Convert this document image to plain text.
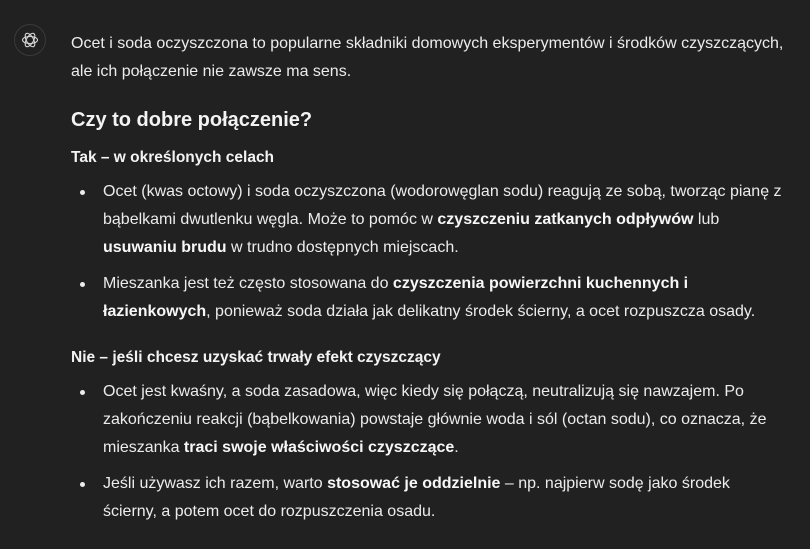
Ocet i soda oczyszczona to popularne składniki domowych eksperymentów i środków czyszczących,
ale ich połączenie nie zawsze ma sens.

Czy to dobre połączenie?
Tak – w określonych celach
Ocet (kwas octowy) i soda oczyszczona (wodorowęglan sodu) reagują ze sobą, tworząc pianę z bąbelkami dwutlenku węgla. Może to pomóc w czyszczeniu zatkanych odpływów lub usuwaniu brudu w trudno dostępnych miejscach.
Mieszanka jest też często stosowana do czyszczenia powierzchni kuchennych i łazienkowych, ponieważ soda działa jak delikatny środek ścierny, a ocet rozpuszcza osady.
Nie – jeśli chcesz uzyskać trwały efekt czyszczący
Ocet jest kwaśny, a soda zasadowa, więc kiedy się połączą, neutralizują się nawzajem. Po zakończeniu reakcji (bąbelkowania) powstaje głównie woda i sól (octan sodu), co oznacza, że mieszanka traci swoje właściwości czyszczące.
Jeśli używasz ich razem, warto stosować je oddzielnie – np. najpierw sodę jako środek ścierny, a potem ocet do rozpuszczenia osadu.
